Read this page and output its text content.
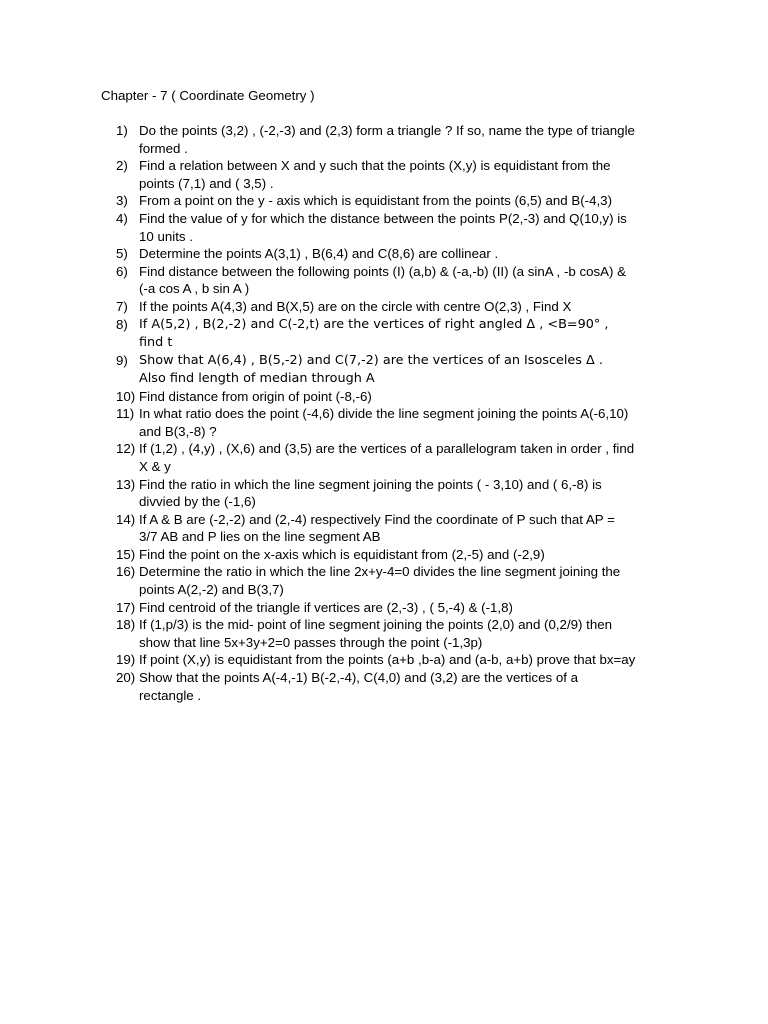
Chapter - 7 ( Coordinate Geometry )
1) Do the points (3,2) , (-2,-3) and (2,3) form a triangle ? If so, name the type of triangle
formed .
2) Find a relation between X and y such that the points (X,y) is equidistant from the
points (7,1) and ( 3,5) .
3) From a point on the y - axis which is equidistant from the points (6,5) and B(-4,3)
4) Find the value of y for which the distance between the points P(2,-3) and Q(10,y) is
10 units .
5) Determine the points A(3,1) , B(6,4) and C(8,6) are collinear .
6) Find distance between the following points (I) (a,b) & (-a,-b) (II) (a sinA , -b cosA) &
(-a cos A , b sin A )
7) If the points A(4,3) and B(X,5) are on the circle with centre O(2,3) , Find X
8) If A(5,2) , B(2,-2) and C(-2,t) are the vertices of right angled Δ , <B=90° ,
find t
9) Show that A(6,4) , B(5,-2) and C(7,-2) are the vertices of an Isosceles Δ .
Also find length of median through A
10) Find distance from origin of point (-8,-6)
11) In what ratio does the point (-4,6) divide the line segment joining the points A(-6,10)
and B(3,-8) ?
12) If (1,2) , (4,y) , (X,6) and (3,5) are the vertices of a parallelogram taken in order , find
X & y
13) Find the ratio in which the line segment joining the points ( - 3,10) and ( 6,-8) is
divvied by the (-1,6)
14) If A & B are (-2,-2) and (2,-4) respectively Find the coordinate of P such that AP =
3/7 AB and P lies on the line segment AB
15) Find the point on the x-axis which is equidistant from (2,-5) and (-2,9)
16) Determine the ratio in which the line 2x+y-4=0 divides the line segment joining the
points A(2,-2) and B(3,7)
17) Find centroid of the triangle if vertices are (2,-3) , ( 5,-4) & (-1,8)
18) If (1,p/3) is the mid- point of line segment joining the points (2,0) and (0,2/9) then
show that line 5x+3y+2=0 passes through the point (-1,3p)
19) If point (X,y) is equidistant from the points (a+b ,b-a) and (a-b, a+b) prove that bx=ay
20) Show that the points A(-4,-1) B(-2,-4), C(4,0) and (3,2) are the vertices of a
rectangle .
